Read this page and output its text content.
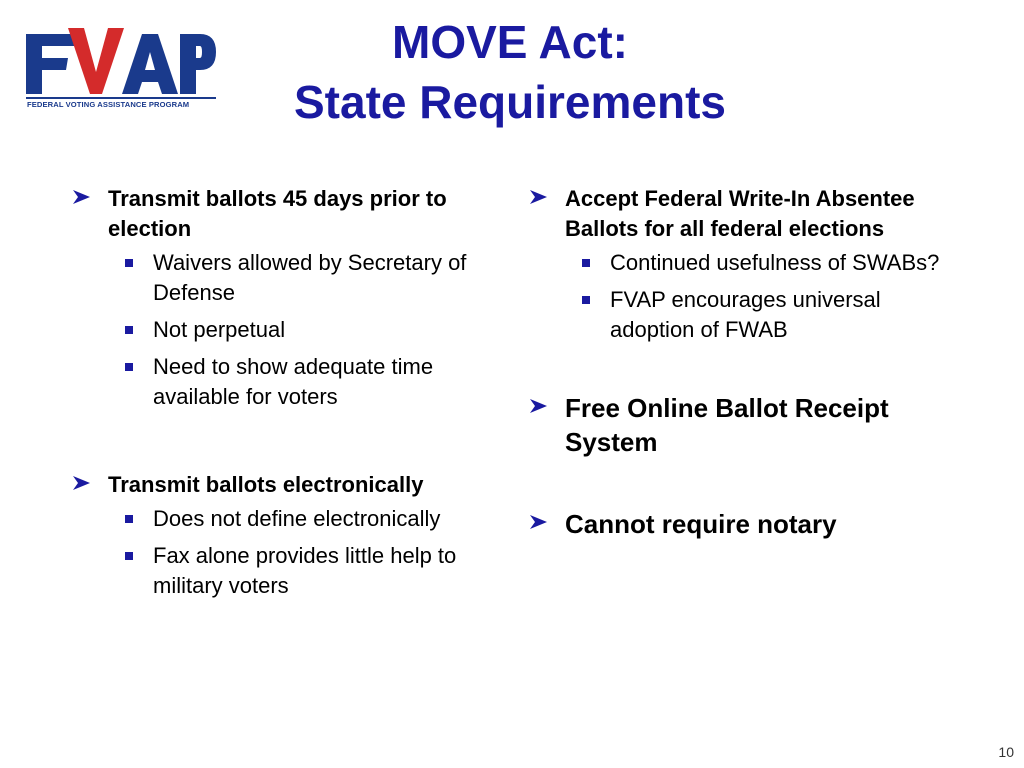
FEDERAL VOTING ASSISTANCE PROGRAM
MOVE Act:
State Requirements
Transmit ballots 45 days prior to election
Waivers allowed by Secretary of Defense
Not perpetual
Need to show adequate time available for voters
Transmit ballots electronically
Does not define electronically
Fax alone provides little help to military voters
Accept Federal Write-In Absentee Ballots for all federal elections
Continued usefulness of SWABs?
FVAP encourages universal adoption of FWAB
Free Online Ballot Receipt System
Cannot require notary
10
